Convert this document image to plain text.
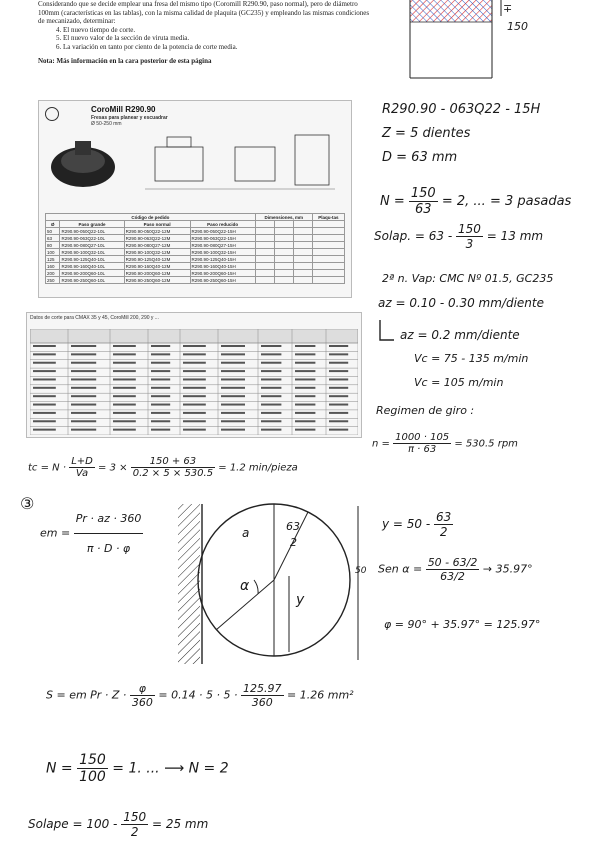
Considerando que se decide emplear una fresa del mismo tipo (Coromill R290.90, paso normal), pero de diámetro 100mm (características en las tablas), con la misma calidad de plaquita (GC235) y empleando las mismas condiciones de mecanizado, determinar:
4. El nuevo tiempo de corte.
5. El nuevo valor de la sección de viruta media.
6. La variación en tanto por ciento de la potencia de corte media.
Nota: Más información en la cara posterior de esta página
∓
150
CoroMill R290.90
Fresas para planear y escuadrar
Ø 50-250 mm
Código de pedido				Dimensiones, mm			Plaqu-tas
Ø	Paso grande	Paso normal	Paso reducido				
50	R290.90-050Q22-10L	R290.90-050Q22-12M	R290.90-050Q22-15H				
63	R290.90-063Q22-10L	R290.90-063Q22-12M	R290.90-063Q22-15H				
80	R290.90-080Q27-10L	R290.90-080Q27-12M	R290.90-080Q27-15H				
100	R290.90-100Q32-10L	R290.90-100Q32-12M	R290.90-100Q32-15H				
125	R290.90-125Q40-10L	R290.90-125Q40-12M	R290.90-125Q40-15H				
160	R290.90-160Q40-10L	R290.90-160Q40-12M	R290.90-160Q40-15H				
200	R290.90-200Q60-10L	R290.90-200Q60-12M	R290.90-200Q60-15H				
250	R290.90-250Q60-10L	R290.90-250Q60-12M	R290.90-250Q60-15H				
Datos de corte para CMAX 35 y 45, CoroMill 200, 290 y ...
R290.90 - 063Q22 - 15H
Z = 5 dientes
D = 63 mm
$N = \frac{150}{63} = 2$, ... = 3 pasadas
Solap. = $63 - \frac{150}{3} = 13$ mm
2ª n. Vap: CMC Nº 01.5, GC235
az = 0.10 - 0.30 mm/diente
az = 0.2 mm/diente
Vc = 75 - 135 m/min
Vc = 105 m/min
Regimen de giro :
$n = \frac{1000 \cdot 105}{\pi \cdot 63} = 530.5$ rpm
tc = $N \cdot \frac{L+D}{Va} = 3 \times \frac{150 + 63}{0.2 \times 5 \times 530.5} = 1.2$ min/pieza
③
em = $\frac{Pr \cdot az \cdot 360}{\pi \cdot D \cdot \varphi}$	63
2
a
α
y
50
$y = 50 - \frac{63}{2}$
Sen $\alpha = \frac{50 - 63/2}{63/2} \to 35.97^\circ$
φ = 90° + 35.97° = 125.97°
S = em $Pr \cdot Z \cdot \frac{\varphi}{360} = 0.14 \cdot 5 \cdot 5 \cdot \frac{125.97}{360} = 1.26$ mm²
$N = \frac{150}{100} = 1$. ... ⟶ N = 2
Solape = $100 - \frac{150}{2} = 25$ mm
